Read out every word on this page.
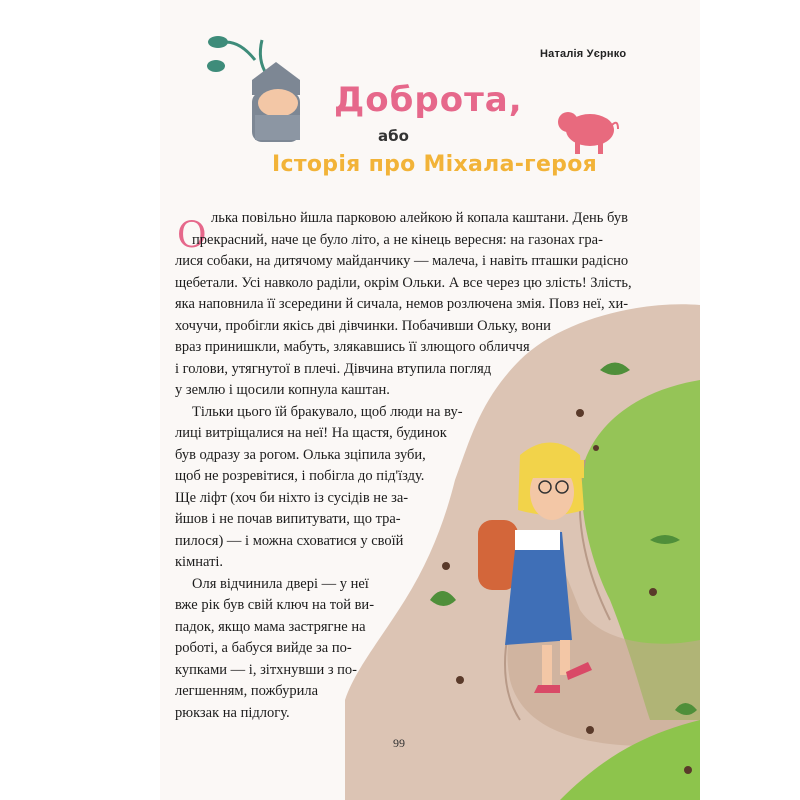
Наталія Уєрнко
Доброта,
або
Історія про Міхала-героя
О лька повільно йшла парковою алейкою й копала каштани. День був
прекрасний, наче це було літо, а не кінець вересня: на газонах гра-
лися собаки, на дитячому майданчику — малеча, і навіть пташки радісно
щебетали. Усі навколо раділи, окрім Ольки. А все через цю злість! Злість,
яка наповнила її зсередини й сичала, немов розлючена змія. Повз неї, хи-
хочучи, пробігли якісь дві дівчинки. Побачивши Ольку, вони
враз принишкли, мабуть, злякавшись її злющого обличчя
і голови, утягнутої в плечі. Дівчина втупила погляд
у землю і щосили копнула каштан.
Тільки цього їй бракувало, щоб люди на ву-
лиці витріщалися на неї! На щастя, будинок
був одразу за рогом. Олька зціпила зуби,
щоб не розревітися, і побігла до під'їзду.
Ще ліфт (хоч би ніхто із сусідів не за-
йшов і не почав випитувати, що тра-
пилося) — і можна сховатися у своїй
кімнаті.
Оля відчинила двері — у неї
вже рік був свій ключ на той ви-
падок, якщо мама застрягне на
роботі, а бабуся вийде за по-
купками — і, зітхнувши з по-
легшенням, пожбурила
рюкзак на підлогу.
99
